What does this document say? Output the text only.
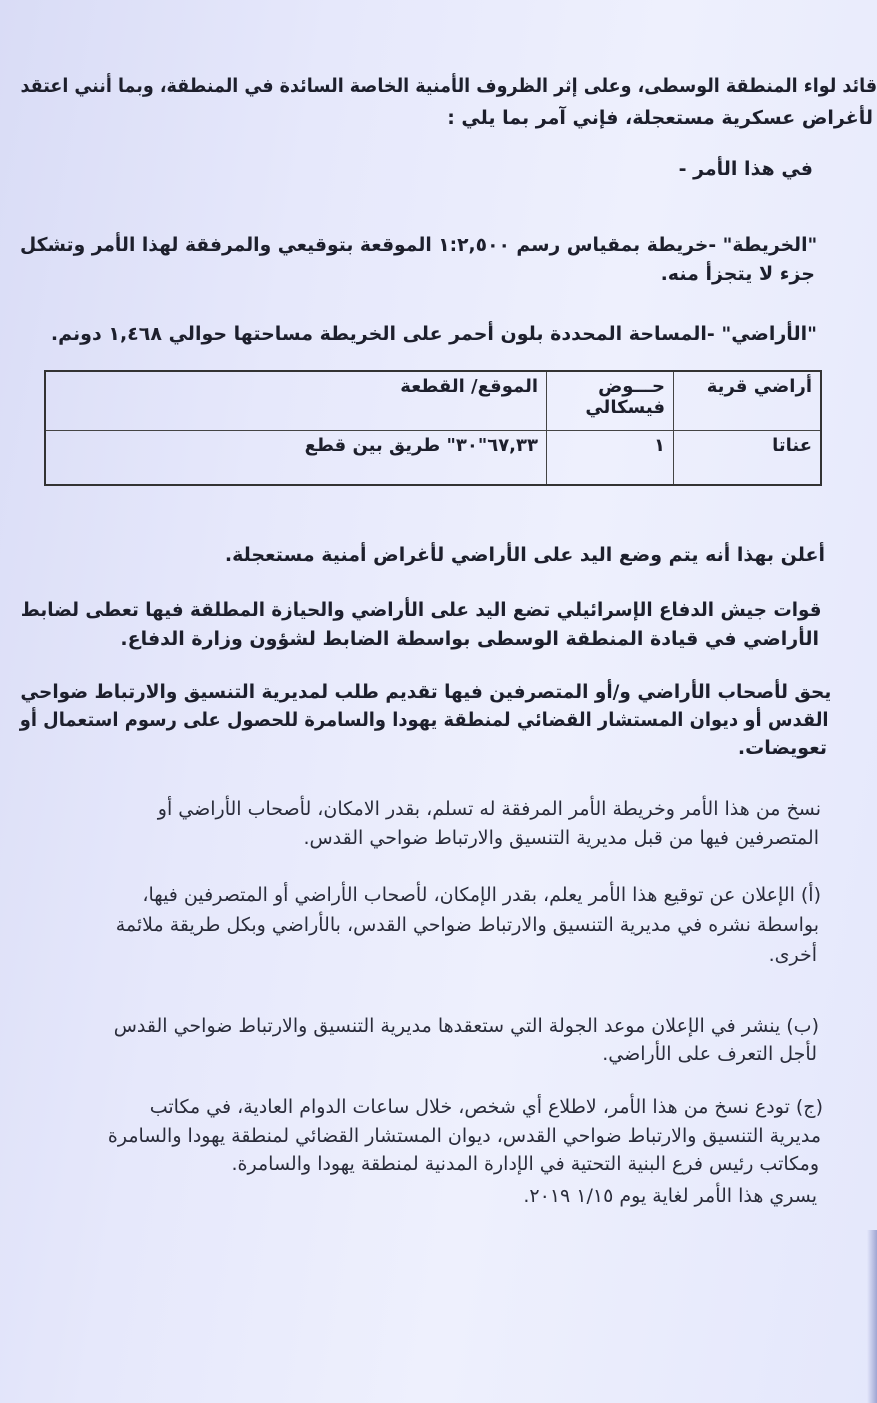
قائد لواء المنطقة الوسطى، وعلى إثر الظروف الأمنية الخاصة السائدة في المنطقة، وبما أنني اعتقد
لأغراض عسكرية مستعجلة، فإني آمر بما يلي :
في هذا الأمر -
"الخريطة" -خريطة بمقياس رسم ١:٢,٥٠٠ الموقعة بتوقيعي والمرفقة لهذا الأمر وتشكل
جزء لا يتجزأ منه.
"الأراضي" -المساحة المحددة بلون أحمر على الخريطة مساحتها حوالي ١,٤٦٨ دونم.
أراضي قرية	حـــوض فيسكالي	الموقع/ القطعة
عناتا	١	٦٧,٣٣"٣٠" طريق بين قطع
أعلن بهذا أنه يتم وضع اليد على الأراضي لأغراض أمنية مستعجلة.
قوات جيش الدفاع الإسرائيلي تضع اليد على الأراضي والحيازة المطلقة فيها تعطى لضابط
الأراضي في قيادة المنطقة الوسطى بواسطة الضابط لشؤون وزارة الدفاع.
يحق لأصحاب الأراضي و/أو المتصرفين فيها تقديم طلب لمديرية التنسيق والارتباط ضواحي
القدس أو ديوان المستشار القضائي لمنطقة يهودا والسامرة للحصول على رسوم استعمال أو
تعويضات.
نسخ من هذا الأمر وخريطة الأمر المرفقة له تسلم، بقدر الامكان، لأصحاب الأراضي أو
المتصرفين فيها من قبل مديرية التنسيق والارتباط ضواحي القدس.
(أ) الإعلان عن توقيع هذا الأمر يعلم، بقدر الإمكان، لأصحاب الأراضي أو المتصرفين فيها،
بواسطة نشره في مديرية التنسيق والارتباط ضواحي القدس، بالأراضي وبكل طريقة ملائمة
أخرى.
(ب) ينشر في الإعلان موعد الجولة التي ستعقدها مديرية التنسيق والارتباط ضواحي القدس
لأجل التعرف على الأراضي.
(ج) تودع نسخ من هذا الأمر، لاطلاع أي شخص، خلال ساعات الدوام العادية، في مكاتب
مديرية التنسيق والارتباط ضواحي القدس، ديوان المستشار القضائي لمنطقة يهودا والسامرة
ومكاتب رئيس فرع البنية التحتية في الإدارة المدنية لمنطقة يهودا والسامرة.
يسري هذا الأمر لغاية يوم ١/١٥ ٢٠١٩.
